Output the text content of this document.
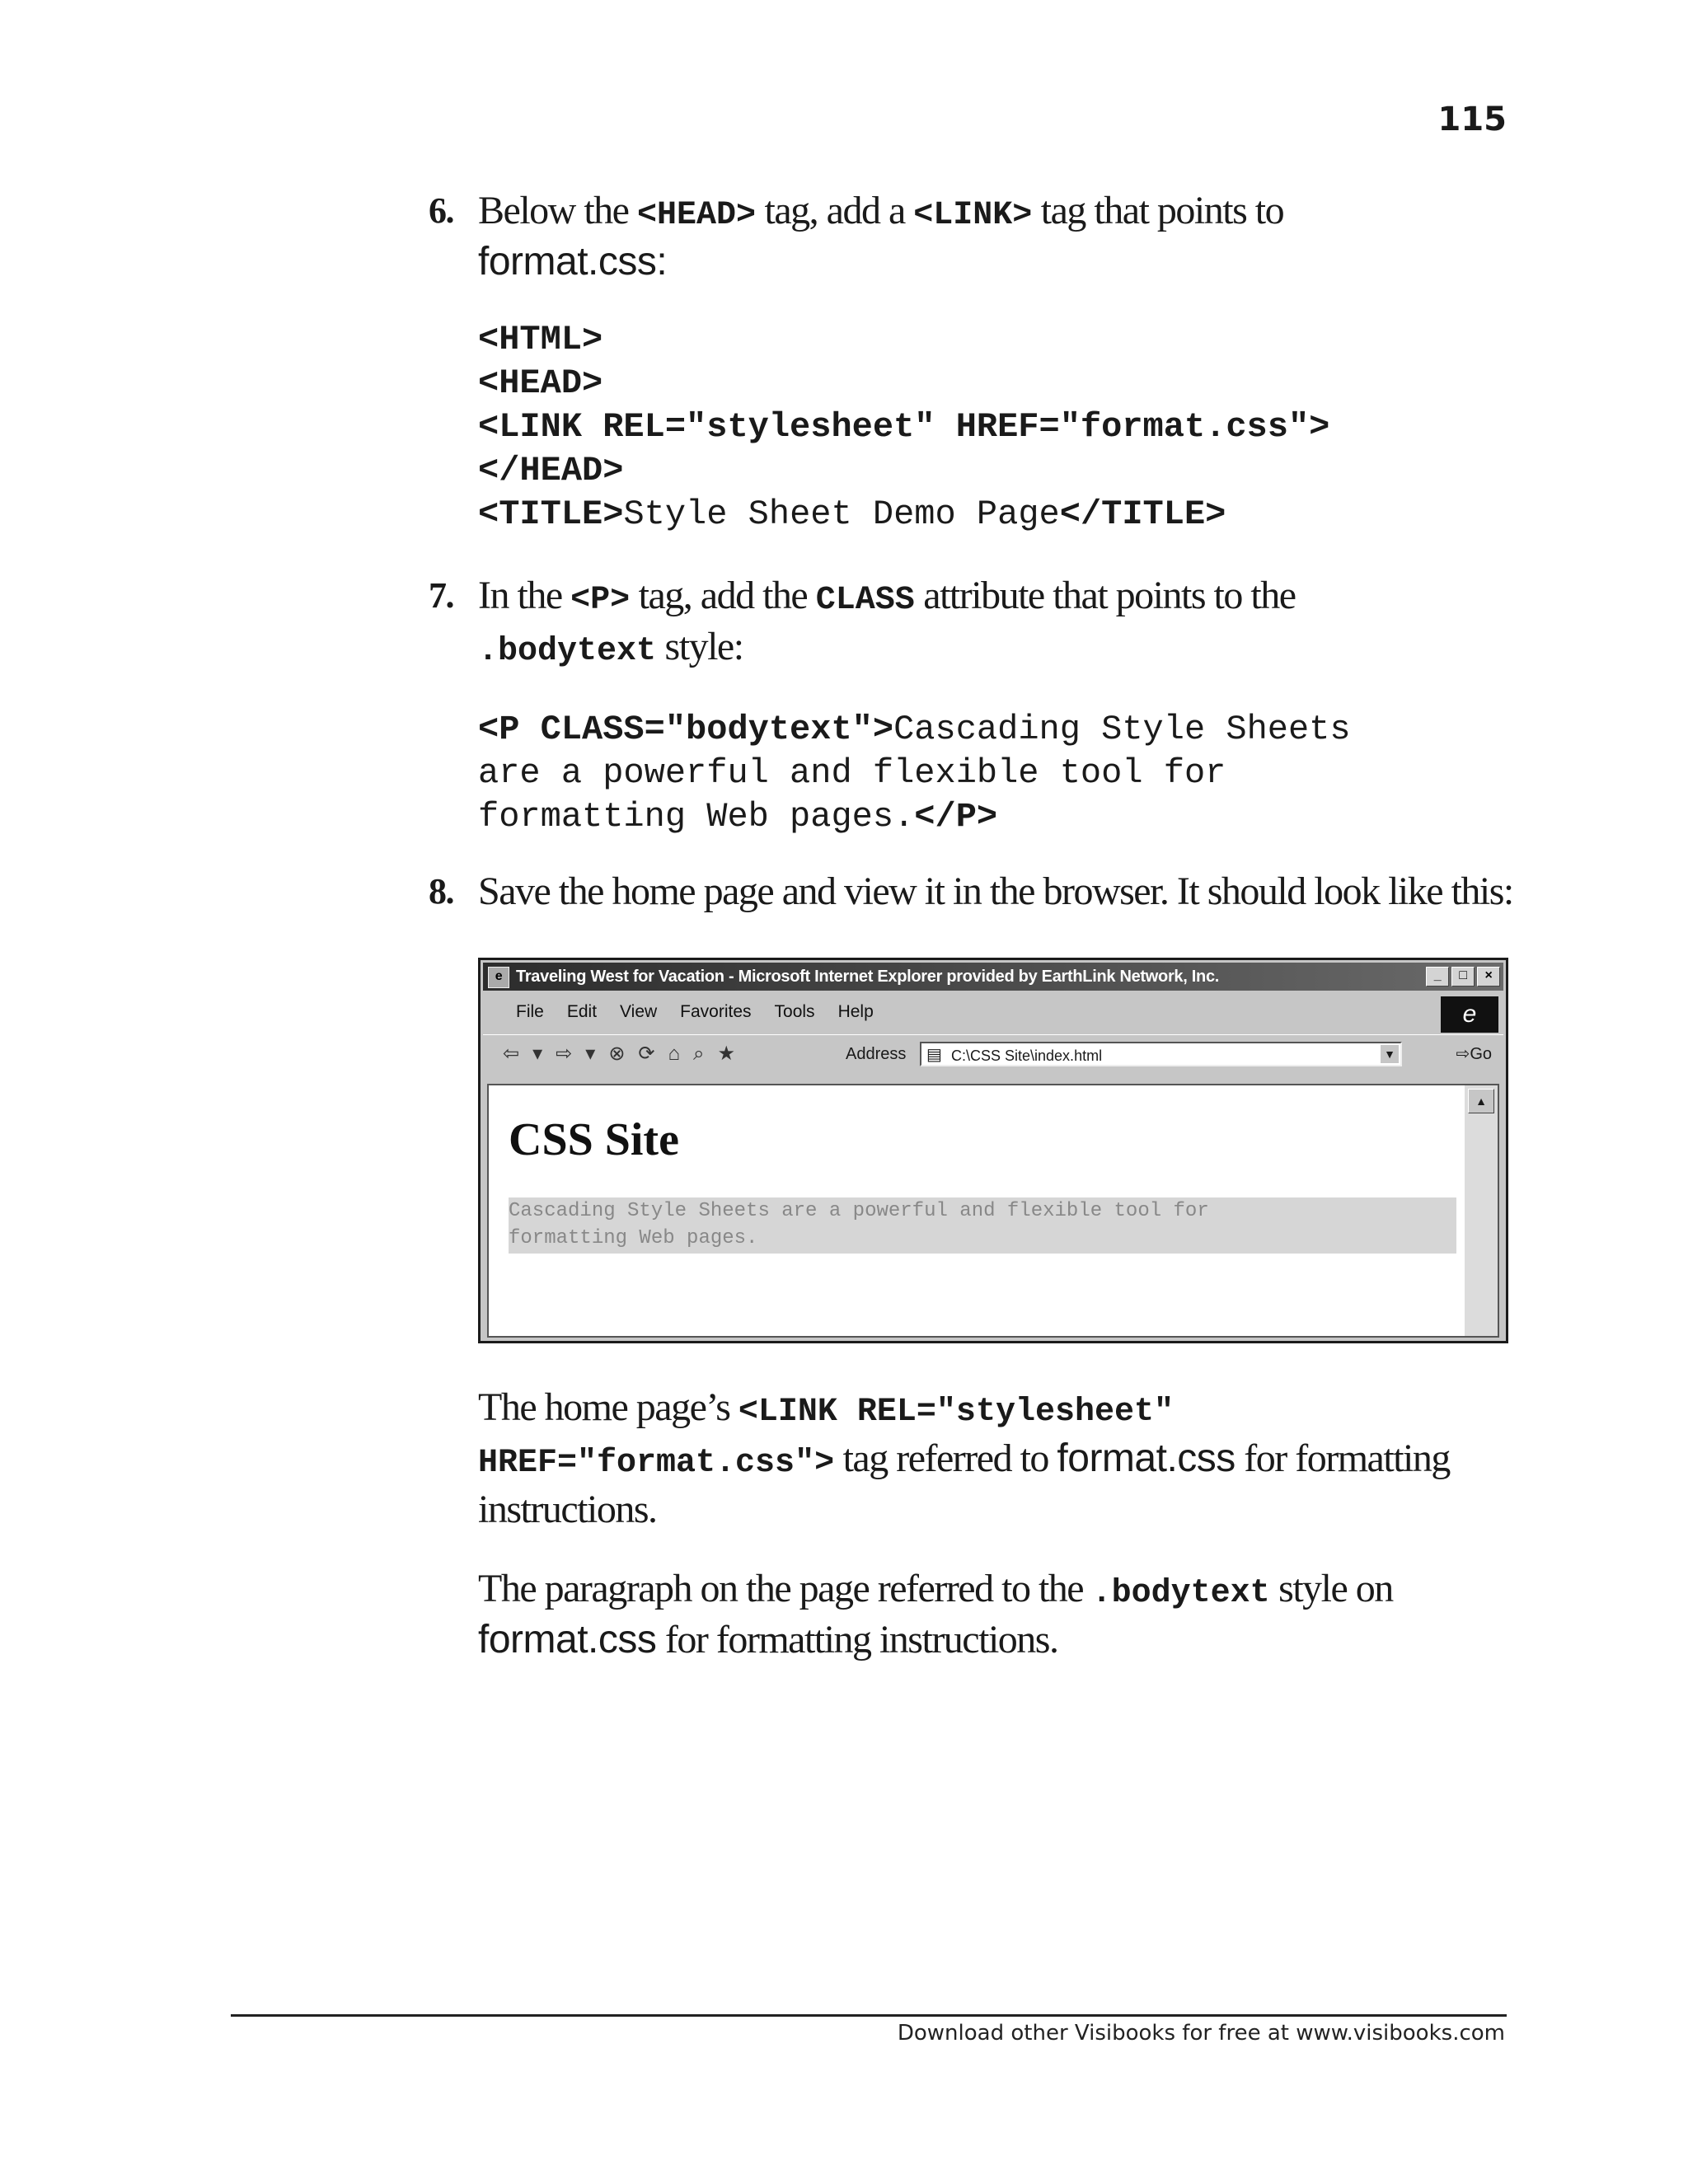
115
6. Below the <HEAD> tag, add a <LINK> tag that points to
format.css:
<HTML>
<HEAD>
<LINK REL="stylesheet" HREF="format.css">
</HEAD>
<TITLE>Style Sheet Demo Page</TITLE>
7. In the <P> tag, add the CLASS attribute that points to the
.bodytext style:
<P CLASS="bodytext">Cascading Style Sheets
are a powerful and flexible tool for
formatting Web pages.</P>
8. Save the home page and view it in the browser. It should look like this:
e Traveling West for Vacation - Microsoft Internet Explorer provided by EarthLink Network, Inc.	_	□	×
File Edit View Favorites Tools Help	e
⇦ ▾ ⇨ ▾ ⊗ ⟳ ⌂ ⌕ ★	Address ▤ C:\CSS Site\index.html	▼	⇨Go
CSS Site
Cascading Style Sheets are a powerful and flexible tool for
formatting Web pages.
▲
The home page’s <LINK REL="stylesheet" HREF="format.css"> tag referred to format.css for formatting instructions.
The paragraph on the page referred to the .bodytext style on
format.css for formatting instructions.
Download other Visibooks for free at www.visibooks.com
